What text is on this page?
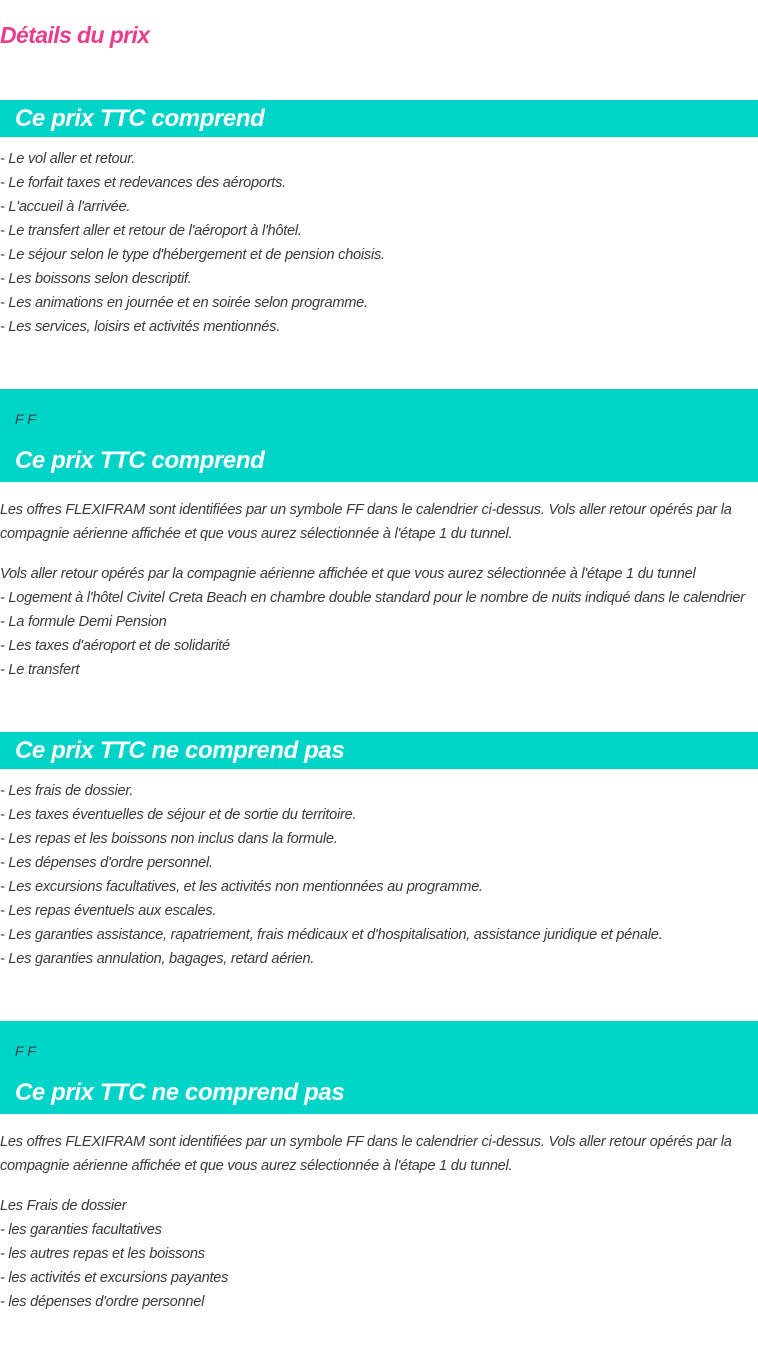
Détails du prix
Ce prix TTC comprend
- Le vol aller et retour.
- Le forfait taxes et redevances des aéroports.
- L'accueil à l'arrivée.
- Le transfert aller et retour de l'aéroport à l'hôtel.
- Le séjour selon le type d'hébergement et de pension choisis.
- Les boissons selon descriptif.
- Les animations en journée et en soirée selon programme.
- Les services, loisirs et activités mentionnés.
F F
Ce prix TTC comprend

Les offres FLEXIFRAM sont identifiées par un symbole FF dans le calendrier ci-dessus. Vols aller retour opérés par la compagnie aérienne affichée et que vous aurez sélectionnée à l'étape 1 du tunnel.

Vols aller retour opérés par la compagnie aérienne affichée et que vous aurez sélectionnée à l'étape 1 du tunnel
- Logement à l'hôtel Civitel Creta Beach en chambre double standard pour le nombre de nuits indiqué dans le calendrier
- La formule Demi Pension
- Les taxes d'aéroport et de solidarité
- Le transfert
Ce prix TTC ne comprend pas
- Les frais de dossier.
- Les taxes éventuelles de séjour et de sortie du territoire.
- Les repas et les boissons non inclus dans la formule.
- Les dépenses d'ordre personnel.
- Les excursions facultatives, et les activités non mentionnées au programme.
- Les repas éventuels aux escales.
- Les garanties assistance, rapatriement, frais médicaux et d'hospitalisation, assistance juridique et pénale.
- Les garanties annulation, bagages, retard aérien.
F F
Ce prix TTC ne comprend pas

Les offres FLEXIFRAM sont identifiées par un symbole FF dans le calendrier ci-dessus. Vols aller retour opérés par la compagnie aérienne affichée et que vous aurez sélectionnée à l'étape 1 du tunnel.

Les Frais de dossier
- les garanties facultatives
- les autres repas et les boissons
- les activités et excursions payantes
- les dépenses d'ordre personnel
